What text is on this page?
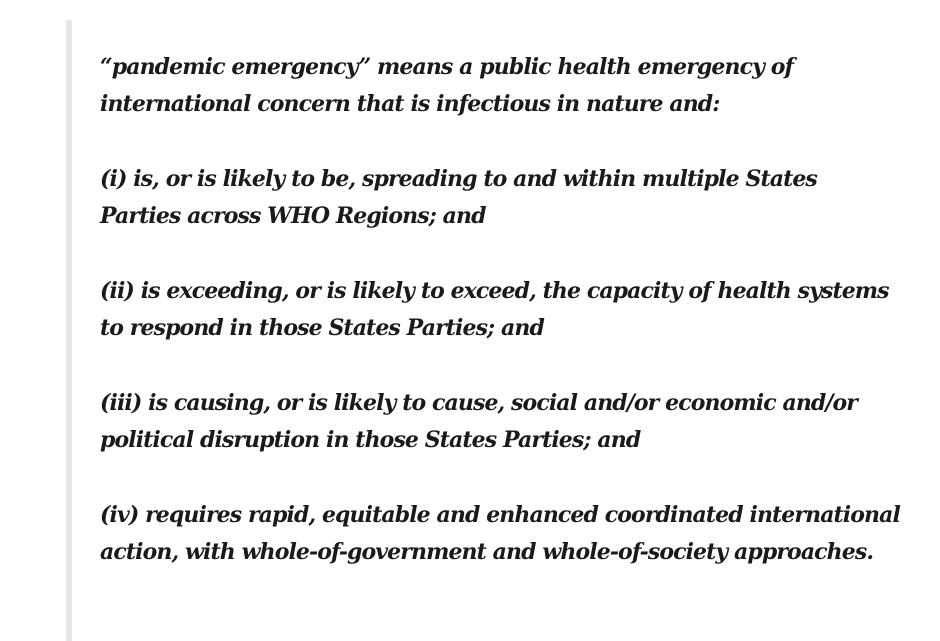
“pandemic emergency” means a public health emergency of international concern that is infectious in nature and:

(i) is, or is likely to be, spreading to and within multiple States Parties across WHO Regions; and

(ii) is exceeding, or is likely to exceed, the capacity of health systems to respond in those States Parties; and

(iii) is causing, or is likely to cause, social and/or economic and/or political disruption in those States Parties; and

(iv) requires rapid, equitable and enhanced coordinated international action, with whole-of-government and whole-of-society approaches.
